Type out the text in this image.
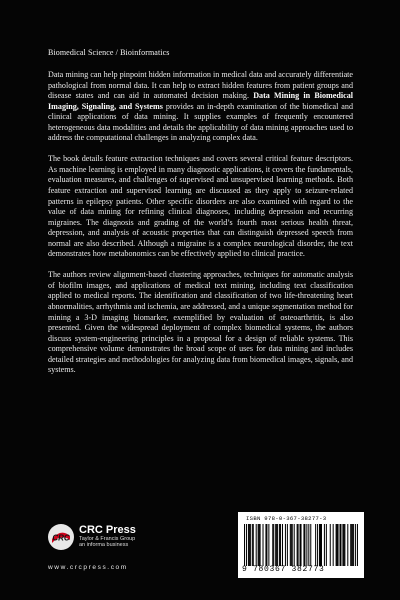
Biomedical Science / Bioinformatics

Data mining can help pinpoint hidden information in medical data and accurately differentiate pathological from normal data. It can help to extract hidden features from patient groups and disease states and can aid in automated decision making. Data Mining in Biomedical Imaging, Signaling, and Systems provides an in-depth examination of the biomedical and clinical applications of data mining. It supplies examples of frequently encountered heterogeneous data modalities and details the applicability of data mining approaches used to address the computational challenges in analyzing complex data.

The book details feature extraction techniques and covers several critical feature descriptors. As machine learning is employed in many diagnostic applications, it covers the fundamentals, evaluation measures, and challenges of supervised and unsupervised learning methods. Both feature extraction and supervised learning are discussed as they apply to seizure-related patterns in epilepsy patients. Other specific disorders are also examined with regard to the value of data mining for refining clinical diagnoses, including depression and recurring migraines. The diagnosis and grading of the world’s fourth most serious health threat, depression, and analysis of acoustic properties that can distinguish depressed speech from normal are also described. Although a migraine is a complex neurological disorder, the text demonstrates how metabonomics can be effectively applied to clinical practice.

The authors review alignment-based clustering approaches, techniques for automatic analysis of biofilm images, and applications of medical text mining, including text classification applied to medical reports. The identification and classification of two life-threatening heart abnormalities, arrhythmia and ischemia, are addressed, and a unique segmentation method for mining a 3-D imaging biomarker, exemplified by evaluation of osteoarthritis, is also presented. Given the widespread deployment of complex biomedical systems, the authors discuss system-engineering principles in a proposal for a design of reliable systems. This comprehensive volume demonstrates the broad scope of uses for data mining and includes detailed strategies and methodologies for analyzing data from biomedical images, signals, and systems.

CRC
CRC Press
Taylor & Francis Group
an informa business
www.crcpress.com
ISBN 978-0-367-38277-3
9 780367 382773
